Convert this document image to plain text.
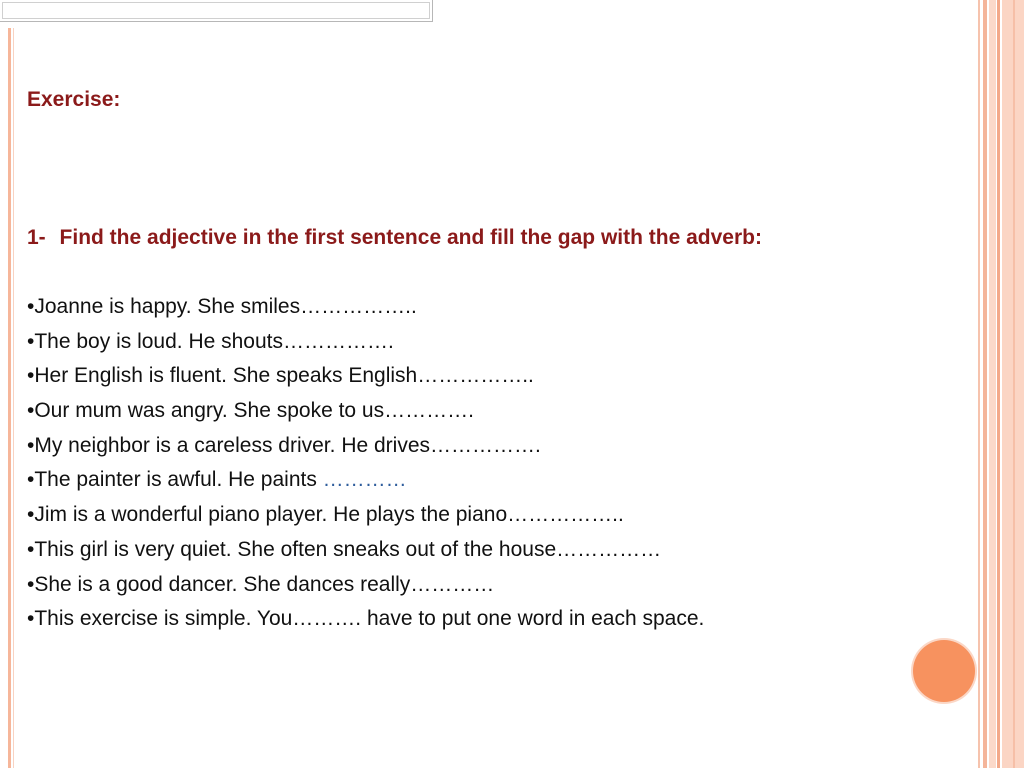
Exercise:
1- Find the adjective in the first sentence and fill the gap with the adverb:
•Joanne is happy. She smiles……………..
•The boy is loud. He shouts…………….
•Her English is fluent. She speaks English……………..
•Our mum was angry. She spoke to us………….
•My neighbor is a careless driver. He drives…………….
•The painter is awful. He paints …………
•Jim is a wonderful piano player. He plays the piano……………..
•This girl is very quiet. She often sneaks out of the house……………
•She is a good dancer. She dances really…………
•This exercise is simple. You………. have to put one word in each space.
